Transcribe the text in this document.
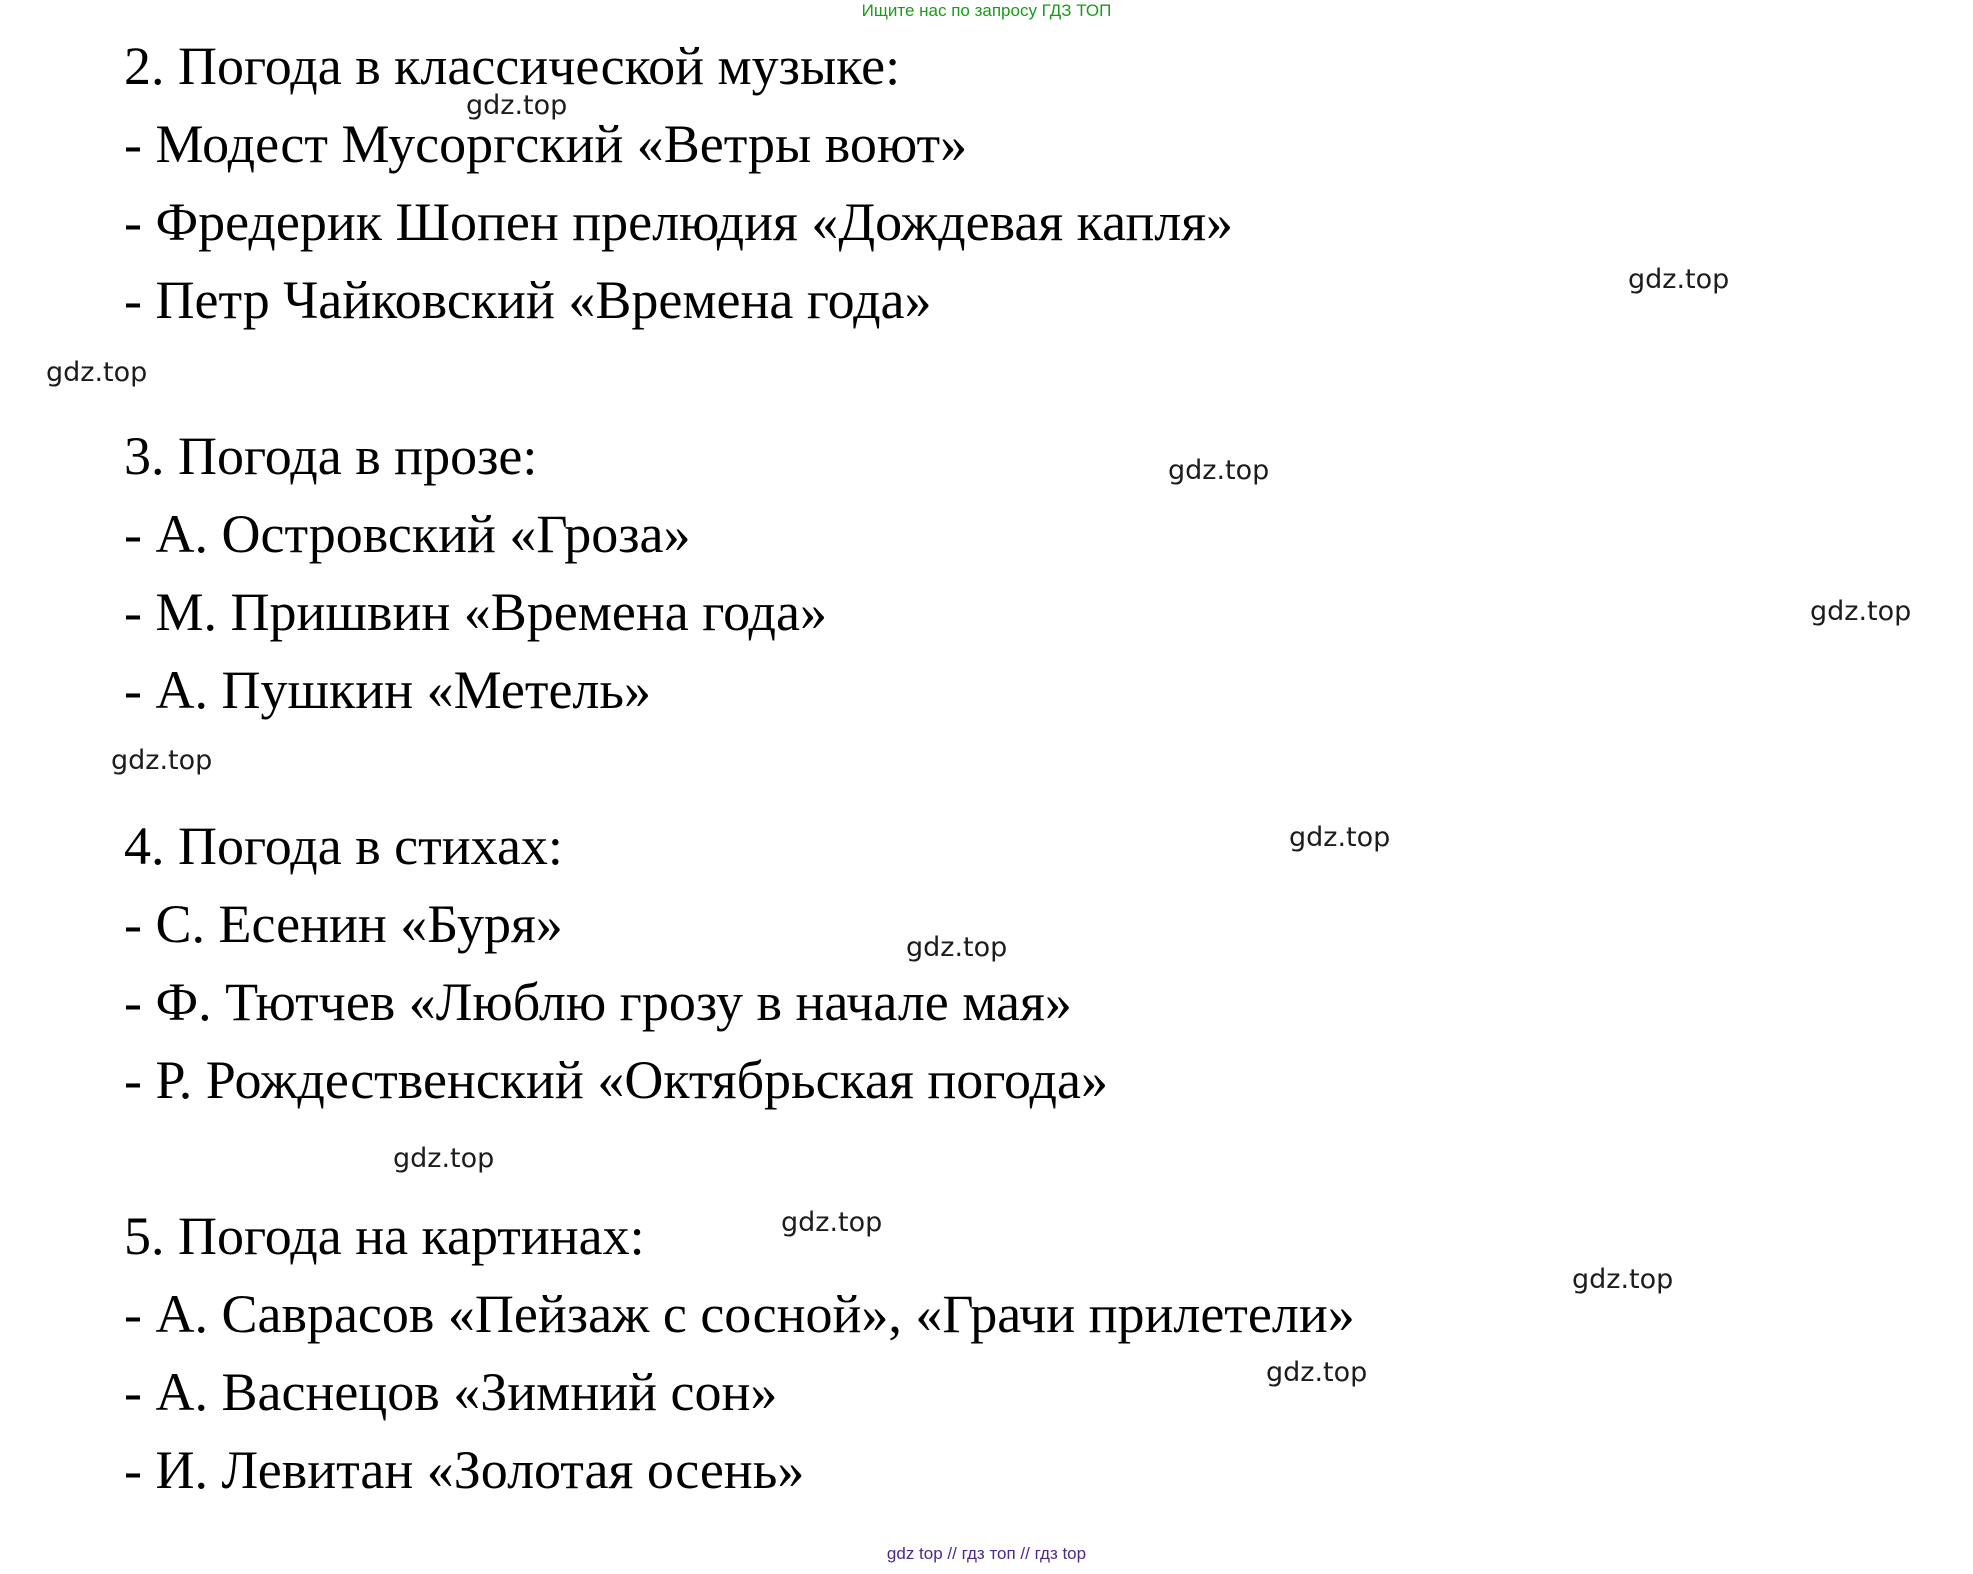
Ищите нас по запросу ГДЗ ТОП
2. Погода в классической музыке:
- Модест Мусоргский «Ветры воют»
- Фредерик Шопен прелюдия «Дождевая капля»
- Петр Чайковский «Времена года»
3. Погода в прозе:
- А. Островский «Гроза»
- М. Пришвин «Времена года»
- А. Пушкин «Метель»
4. Погода в стихах:
- С. Есенин «Буря»
- Ф. Тютчев «Люблю грозу в начале мая»
- Р. Рождественский «Октябрьская погода»
5. Погода на картинах:
- А. Саврасов «Пейзаж с сосной», «Грачи прилетели»
- А. Васнецов «Зимний сон»
- И. Левитан «Золотая осень»
gdz.top
gdz.top
gdz.top
gdz.top
gdz.top
gdz.top
gdz.top
gdz.top
gdz.top
gdz.top
gdz.top
gdz.top
gdz top // гдз топ // гдз top
